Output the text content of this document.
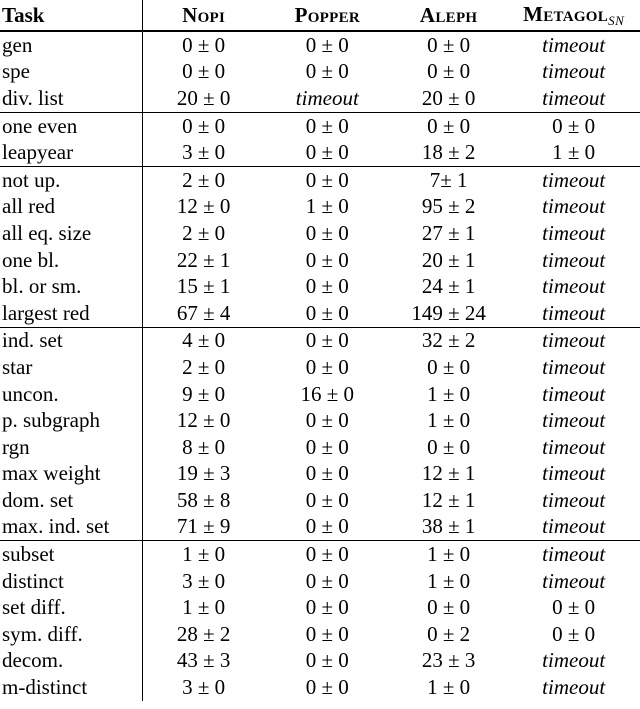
Task	Nopi	Popper	Aleph	Metagol$_{SN}$
gen	0 ± 0	0 ± 0	0 ± 0	timeout
spe	0 ± 0	0 ± 0	0 ± 0	timeout
div. list	20 ± 0	timeout	20 ± 0	timeout
one even	0 ± 0	0 ± 0	0 ± 0	0 ± 0
leapyear	3 ± 0	0 ± 0	18 ± 2	1 ± 0
not up.	2 ± 0	0 ± 0	7± 1	timeout
all red	12 ± 0	1 ± 0	95 ± 2	timeout
all eq. size	2 ± 0	0 ± 0	27 ± 1	timeout
one bl.	22 ± 1	0 ± 0	20 ± 1	timeout
bl. or sm.	15 ± 1	0 ± 0	24 ± 1	timeout
largest red	67 ± 4	0 ± 0	149 ± 24	timeout
ind. set	4 ± 0	0 ± 0	32 ± 2	timeout
star	2 ± 0	0 ± 0	0 ± 0	timeout
uncon.	9 ± 0	16 ± 0	1 ± 0	timeout
p. subgraph	12 ± 0	0 ± 0	1 ± 0	timeout
rgn	8 ± 0	0 ± 0	0 ± 0	timeout
max weight	19 ± 3	0 ± 0	12 ± 1	timeout
dom. set	58 ± 8	0 ± 0	12 ± 1	timeout
max. ind. set	71 ± 9	0 ± 0	38 ± 1	timeout
subset	1 ± 0	0 ± 0	1 ± 0	timeout
distinct	3 ± 0	0 ± 0	1 ± 0	timeout
set diff.	1 ± 0	0 ± 0	0 ± 0	0 ± 0
sym. diff.	28 ± 2	0 ± 0	0 ± 2	0 ± 0
decom.	43 ± 3	0 ± 0	23 ± 3	timeout
m-distinct	3 ± 0	0 ± 0	1 ± 0	timeout
